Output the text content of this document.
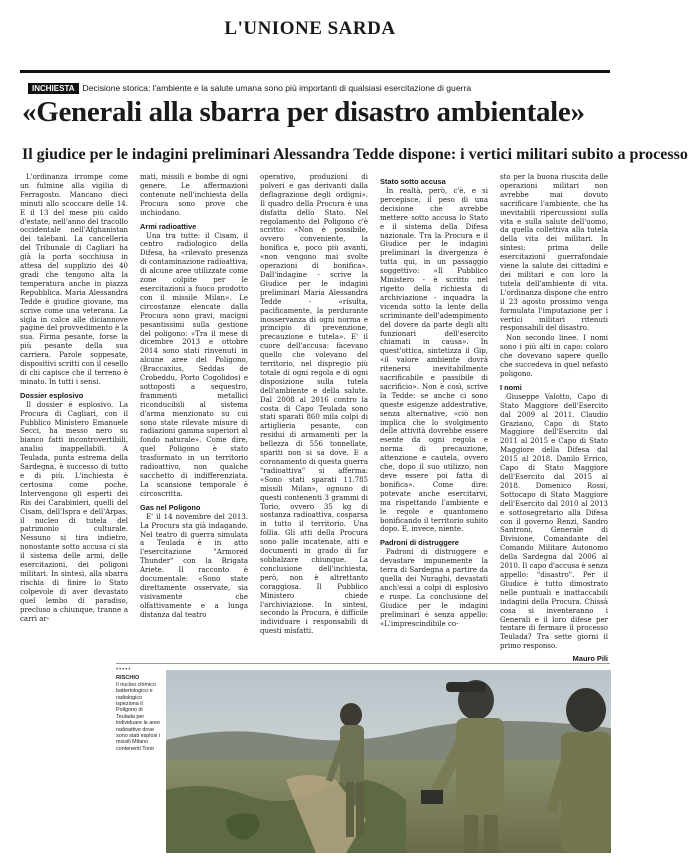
L'UNIONE SARDA
INCHIESTA Decisione storica: l'ambiente e la salute umana sono più importanti di qualsiasi esercitazione di guerra
«Generali alla sbarra per disastro ambientale»
Il giudice per le indagini preliminari Alessandra Tedde dispone: i vertici militari subito a processo

L'ordinanza irrompe come un fulmine alla vigilia di Ferragosto. Mancano dieci minuti allo scoccare delle 14. E il 13 del mese più caldo d'estate, nell'anno del tracollo occidentale nell'Afghanistan dei talebani. La cancelleria del Tribunale di Cagliari ha già la porta socchiusa in attesa del supplizio dei 40 gradi che tengono alta la temperatura anche in piazza Repubblica. Maria Alessandra Tedde è giudice giovane, ma scrive come una veterana. La sigla in calce alle diciannove pagine del provvedimento è la sua. Firma pesante, forse la più pesante della sua carriera. Parole soppesate, dispositivi scritti con il cesello di chi capisce che il terreno è minato. In tutti i sensi.

Dossier esplosivo

Il dossier è esplosivo. La Procura di Cagliari, con il Pubblico Ministero Emanuele Secci, ha messo nero su bianco fatti incontrovertibili, analisi inappellabili. A Teulada, punta estrema della Sardegna, è successo di tutto e di più. L'inchiesta è certosina come poche. Intervengono gli esperti dei Ris dei Carabinieri, quelli del Cisam, dell'Ispra e dell'Arpas, il nucleo di tutela del patrimonio culturale. Nessuno si tira indietro, nonostante sotto accusa ci sia il sistema delle armi, delle esercitazioni, dei poligoni militari. In sintesi, alla sbarra rischia di finire lo Stato colpevole di aver devastato quel lembo di paradiso, precluso a chiunque, tranne a carri ar-

mati, missili e bombe di ogni genere. Le affermazioni contenute nell'inchiesta della Procura sono prove che inchiodano.

Armi radioattive

Una tra tutte: il Cisam, il centro radiologico della Difesa, ha «rilevato presenza di contaminazione radioattiva, di alcune aree utilizzate come zone colpite per le esercitazioni a fuoco prodotto con il missile Milan». Le circostanze elencate dalla Procura sono gravi, macigni pesantissimi sulla gestione del poligono: «Tra il mese di dicembre 2013 e ottobre 2014 sono stati rinvenuti in alcune aree del Poligono, (Braccaxius, Seddas de Crobeddu, Porto Cogolidos) e sottoposti a sequestro, frammenti metallici riconducibili al sistema d'arma menzionato su cui sono state rilevate misure di radiazioni gamma superiori al fondo naturale». Come dire, quel Poligono è stato trasformato in un territorio radioattivo, non qualche sacchetto di indifferenziata. La scansione temporale è circoscritta.

Gas nel Poligono

E' il 14 novembre del 2013. La Procura sta già indagando. Nel teatro di guerra simulata a Teulada è in atto l'esercitazione "Armored Thunder" con la Brigata Ariete. Il racconto è documentale: «Sono state direttamente osservate, sia visivamente che olfattivamente e a lunga distanza dal teatro

operativo, produzioni di polveri e gas derivanti dalla deflagrazione degli ordigni». Il quadro della Procura è una disfatta dello Stato. Nel regolamento del Poligono c'è scritto: «Non è possibile, ovvero conveniente, la bonifica e, poco più avanti, «non vengono mai svolte operazioni di bonifica». Dall'indagine - scrive la Giudice per le indagini preliminari Maria Alessandra Tedde - «risulta, pacificamente, la perdurante inosservanza di ogni norma e principio di prevenzione, precauzione e tutela». E' il cuore dell'accusa: facevano quello che volevano del territorio, nel dispregio più totale di ogni regola e di ogni disposizione sulla tutela dell'ambiente e della salute. Dal 2008 al 2016 contro la costa di Capo Teulada sono stati sparati 860 mila colpi di artiglieria pesante, con residui di armamenti per la bellezza di 556 tonnellate, spariti non si sa dove. E a coronamento di questa guerra "radioattiva" si afferma: «Sono stati sparati 11.785 missili Milan», ognuno di questi contenenti 3 grammi di Torio, ovvero 35 kg di sostanza radioattiva, cosparsa in tutto il territorio. Una follia. Gli atti della Procura sono palle incatenate, atti e documenti in grado di far sobbalzare chiunque. La conclusione dell'inchiesta, però, non è altrettanto coraggiosa. Il Pubblico Ministero chiede l'archiviazione. In sintesi, secondo la Procura, è difficile individuare i responsabili di questi misfatti.

Stato sotto accusa

In realtà, però, c'è, e si percepisce, il peso di una decisione che avrebbe mettere sotto accusa lo Stato e il sistema della Difesa nazionale. Tra la Procura e il Giudice per le indagini preliminari la divergenza è tutta qui, in un passaggio soggettivo: «Il Pubblico Ministero - è scritto nel rigetto della richiesta di archiviazione - inquadra la vicenda sotto la lente della scriminante dell'adempimento del dovere da parte degli alti funzionari dell'esercito chiamati in causa». In quest'ottica, sintetizza il Gip, «il valore ambiente dovrà ritenersi inevitabilmente sacrificabile e passibile di sacrificio». Non è così, scrive la Tedde: se anche ci sono queste esigenze addestrative, senza alternative, «ciò non implica che lo svolgimento delle attività dovrebbe essere esente da ogni regola e norma di precauzione, attenzione e cautela, ovvero che, dopo il suo utilizzo, non deve essere poi fatta di bonifica». Come dire: potevate anche esercitarvi, ma rispettando l'ambiente e le regole e quantomeno bonificando il territorio subito dopo. E, invece, niente.

Padroni di distruggere

Padroni di distruggere e devastare impunemente la terra di Sardegna a partire da quella dei Nuraghi, devastati anch'essi a colpi di esplosivo e ruspe. La conclusione del Giudice per le indagini preliminari è senza appello: «L'imprescindibile co-

sto per la buona riuscita delle operazioni militari non avrebbe mai dovuto sacrificare l'ambiente, che ha inevitabili ripercussioni sulla vita e sulla salute dell'uomo, da quella collettiva alla tutela della vita dei militari. In sintesi: prima delle esercitazioni guerrafondaie viene la salute dei cittadini e dei militari e con loro la tutela dell'ambiente di vita. L'ordinanza dispone che entro il 23 agosto prossimo venga formulata l'imputazione per i vertici militari ritenuti responsabili del disastro.

Non secondo linee. I nomi sono i più alti in capo: coloro che dovevano sapere quello che succedeva in quel nefasto poligono.

I nomi

Giuseppe Valotto, Capo di Stato Maggiore dell'Esercito dal 2009 al 2011. Claudio Graziano, Capo di Stato Maggiore dell'Esercito dal 2011 al 2015 e Capo di Stato Maggiore della Difesa dal 2015 al 2018. Danilo Errico, Capo di Stato Maggiore dell'Esercito dal 2015 al 2018. Domenico Rossi, Sottocapo di Stato Maggiore dell'Esercito dal 2010 al 2013 e sottosegretario alla Difesa con il governo Renzi, Sandro Santroni, Generale di Divisione, Comandante del Comando Militare Autonomo della Sardegna dal 2006 al 2010. Il capo d'accusa è senza appello: "disastro". Per il Giudice è tutto dimostrato nelle puntuali e inattaccabili indagini della Procura. Chissà cosa si inventeranno i Generali e il loro difese per tentare di fermare il processo Teulada? Tra sette giorni il primo responso.

Mauro Pili
•••••
RISCHIO
Il nucleo chimico batteriologico e radiologico ispeziona il Poligono di Teulada per individuare le aree radioattive dove sono stati esplosi i missili Milano contenenti Torio
